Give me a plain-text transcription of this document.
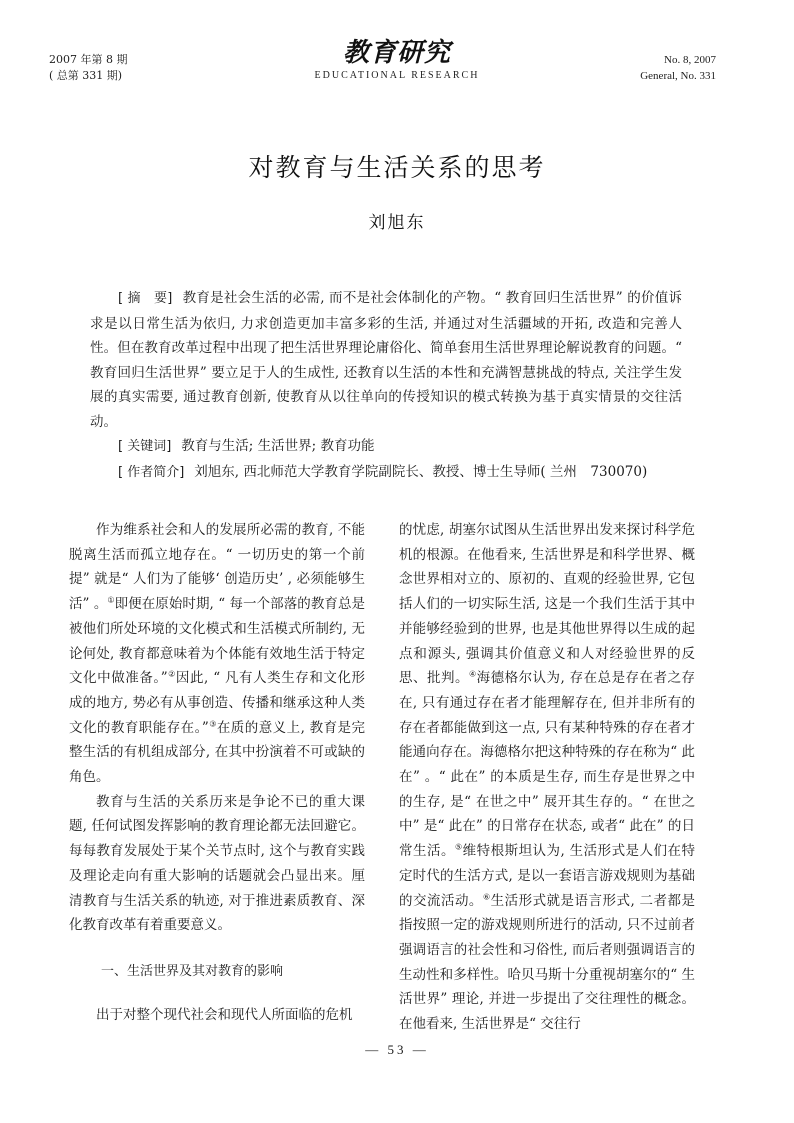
2007 年第 8 期
( 总第 331 期)
教育研究
EDUCATIONAL RESEARCH
No. 8, 2007
General, No. 331
对教育与生活关系的思考
刘旭东

[ 摘　要] 教育是社会生活的必需, 而不是社会体制化的产物。“ 教育回归生活世界” 的价值诉求是以日常生活为依归, 力求创造更加丰富多彩的生活, 并通过对生活疆域的开拓, 改造和完善人性。但在教育改革过程中出现了把生活世界理论庸俗化、简单套用生活世界理论解说教育的问题。“ 教育回归生活世界” 要立足于人的生成性, 还教育以生活的本性和充满智慧挑战的特点, 关注学生发展的真实需要, 通过教育创新, 使教育从以往单向的传授知识的模式转换为基于真实情景的交往活动。

[ 关键词] 教育与生活; 生活世界; 教育功能

[ 作者简介] 刘旭东, 西北师范大学教育学院副院长、教授、博士生导师( 兰州　730070)

作为维系社会和人的发展所必需的教育, 不能脱离生活而孤立地存在。“ 一切历史的第一个前提” 就是“ 人们为了能够‘ 创造历史’ , 必须能够生活” 。①即便在原始时期, “ 每一个部落的教育总是被他们所处环境的文化模式和生活模式所制约, 无论何处, 教育都意味着为个体能有效地生活于特定文化中做准备。”②因此, “ 凡有人类生存和文化形成的地方, 势必有从事创造、传播和继承这种人类文化的教育职能存在。”③在质的意义上, 教育是完整生活的有机组成部分, 在其中扮演着不可或缺的角色。

教育与生活的关系历来是争论不已的重大课题, 任何试图发挥影响的教育理论都无法回避它。每每教育发展处于某个关节点时, 这个与教育实践及理论走向有重大影响的话题就会凸显出来。厘清教育与生活关系的轨迹, 对于推进素质教育、深化教育改革有着重要意义。

一、生活世界及其对教育的影响

出于对整个现代社会和现代人所面临的危机

的忧虑, 胡塞尔试图从生活世界出发来探讨科学危机的根源。在他看来, 生活世界是和科学世界、概念世界相对立的、原初的、直观的经验世界, 它包括人们的一切实际生活, 这是一个我们生活于其中并能够经验到的世界, 也是其他世界得以生成的起点和源头, 强调其价值意义和人对经验世界的反思、批判。④海德格尔认为, 存在总是存在者之存在, 只有通过存在者才能理解存在, 但并非所有的存在者都能做到这一点, 只有某种特殊的存在者才能通向存在。海德格尔把这种特殊的存在称为“ 此在” 。“ 此在” 的本质是生存, 而生存是世界之中的生存, 是“ 在世之中” 展开其生存的。“ 在世之中” 是“ 此在” 的日常存在状态, 或者“ 此在” 的日常生活。⑤维特根斯坦认为, 生活形式是人们在特定时代的生活方式, 是以一套语言游戏规则为基础的交流活动。⑥生活形式就是语言形式, 二者都是指按照一定的游戏规则所进行的活动, 只不过前者强调语言的社会性和习俗性, 而后者则强调语言的生动性和多样性。哈贝马斯十分重视胡塞尔的“ 生活世界” 理论, 并进一步提出了交往理性的概念。在他看来, 生活世界是“ 交往行

— 53 —
